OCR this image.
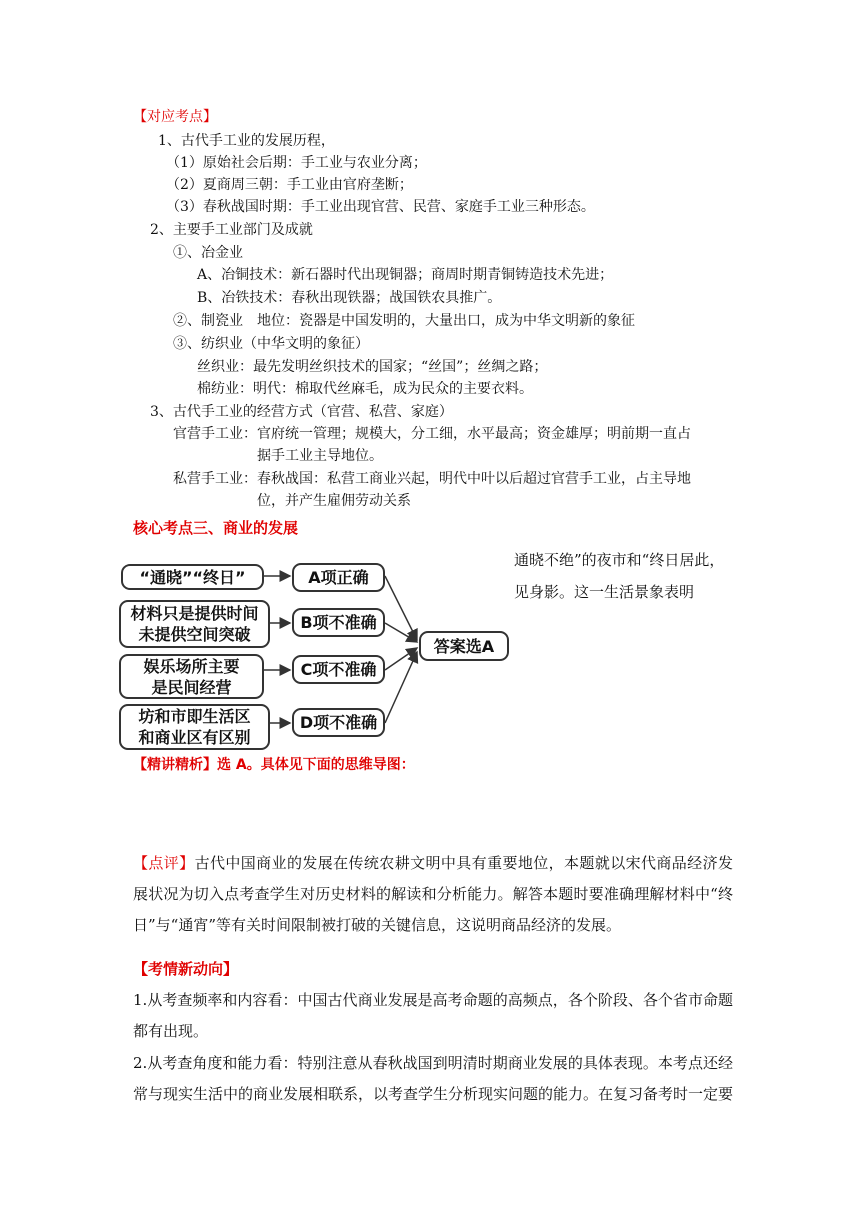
【对应考点】
1、古代手工业的发展历程，
（1）原始社会后期：手工业与农业分离；
（2）夏商周三朝：手工业由官府垄断；
（3）春秋战国时期：手工业出现官营、民营、家庭手工业三种形态。
2、主要手工业部门及成就
①、冶金业
A、冶铜技术：新石器时代出现铜器；商周时期青铜铸造技术先进；
B、冶铁技术：春秋出现铁器；战国铁农具推广。
②、制瓷业　地位：瓷器是中国发明的，大量出口，成为中华文明新的象征
③、纺织业（中华文明的象征）
丝织业：最先发明丝织技术的国家；“丝国”；丝绸之路；
棉纺业：明代：棉取代丝麻毛，成为民众的主要衣料。
3、古代手工业的经营方式（官营、私营、家庭）
官营手工业：官府统一管理；规模大，分工细，水平最高；资金雄厚；明前期一直占
据手工业主导地位。
私营手工业：春秋战国：私营工商业兴起，明代中叶以后超过官营手工业，占主导地
位，并产生雇佣劳动关系
核心考点三、商业的发展
通晓不绝”的夜市和“终日居此，
见身影。这一生活景象表明
“通晓”“终日”
材料只是提供时间
未提供空间突破
娱乐场所主要
是民间经营
坊和市即生活区
和商业区有区别
A项正确
B项不准确
C项不准确
D项不准确
答案选A
【精讲精析】选 A。具体见下面的思维导图：
【点评】古代中国商业的发展在传统农耕文明中具有重要地位，本题就以宋代商品经济发展状况为切入点考查学生对历史材料的解读和分析能力。解答本题时要准确理解材料中“终日”与“通宵”等有关时间限制被打破的关键信息，这说明商品经济的发展。
【考情新动向】
1.从考查频率和内容看：中国古代商业发展是高考命题的高频点，各个阶段、各个省市命题都有出现。
2.从考查角度和能力看：特别注意从春秋战国到明清时期商业发展的具体表现。本考点还经常与现实生活中的商业发展相联系，以考查学生分析现实问题的能力。在复习备考时一定要
